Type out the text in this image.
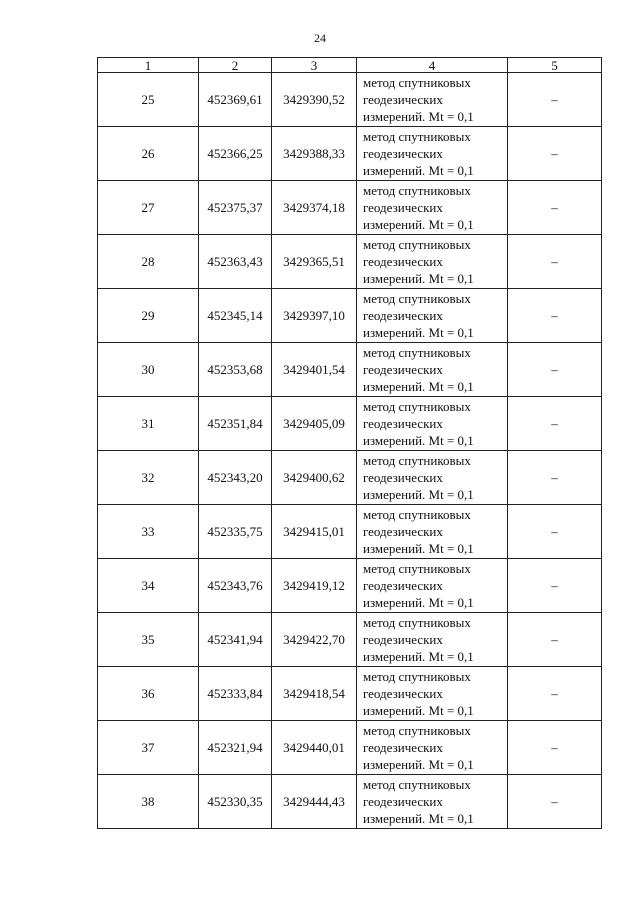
24
1	2	3	4	5
25	452369,61	3429390,52	метод спутниковых
геодезических
измерений. Mt = 0,1	–
26	452366,25	3429388,33	метод спутниковых
геодезических
измерений. Mt = 0,1	–
27	452375,37	3429374,18	метод спутниковых
геодезических
измерений. Mt = 0,1	–
28	452363,43	3429365,51	метод спутниковых
геодезических
измерений. Mt = 0,1	–
29	452345,14	3429397,10	метод спутниковых
геодезических
измерений. Mt = 0,1	–
30	452353,68	3429401,54	метод спутниковых
геодезических
измерений. Mt = 0,1	–
31	452351,84	3429405,09	метод спутниковых
геодезических
измерений. Mt = 0,1	–
32	452343,20	3429400,62	метод спутниковых
геодезических
измерений. Mt = 0,1	–
33	452335,75	3429415,01	метод спутниковых
геодезических
измерений. Mt = 0,1	–
34	452343,76	3429419,12	метод спутниковых
геодезических
измерений. Mt = 0,1	–
35	452341,94	3429422,70	метод спутниковых
геодезических
измерений. Mt = 0,1	–
36	452333,84	3429418,54	метод спутниковых
геодезических
измерений. Mt = 0,1	–
37	452321,94	3429440,01	метод спутниковых
геодезических
измерений. Mt = 0,1	–
38	452330,35	3429444,43	метод спутниковых
геодезических
измерений. Mt = 0,1	–
